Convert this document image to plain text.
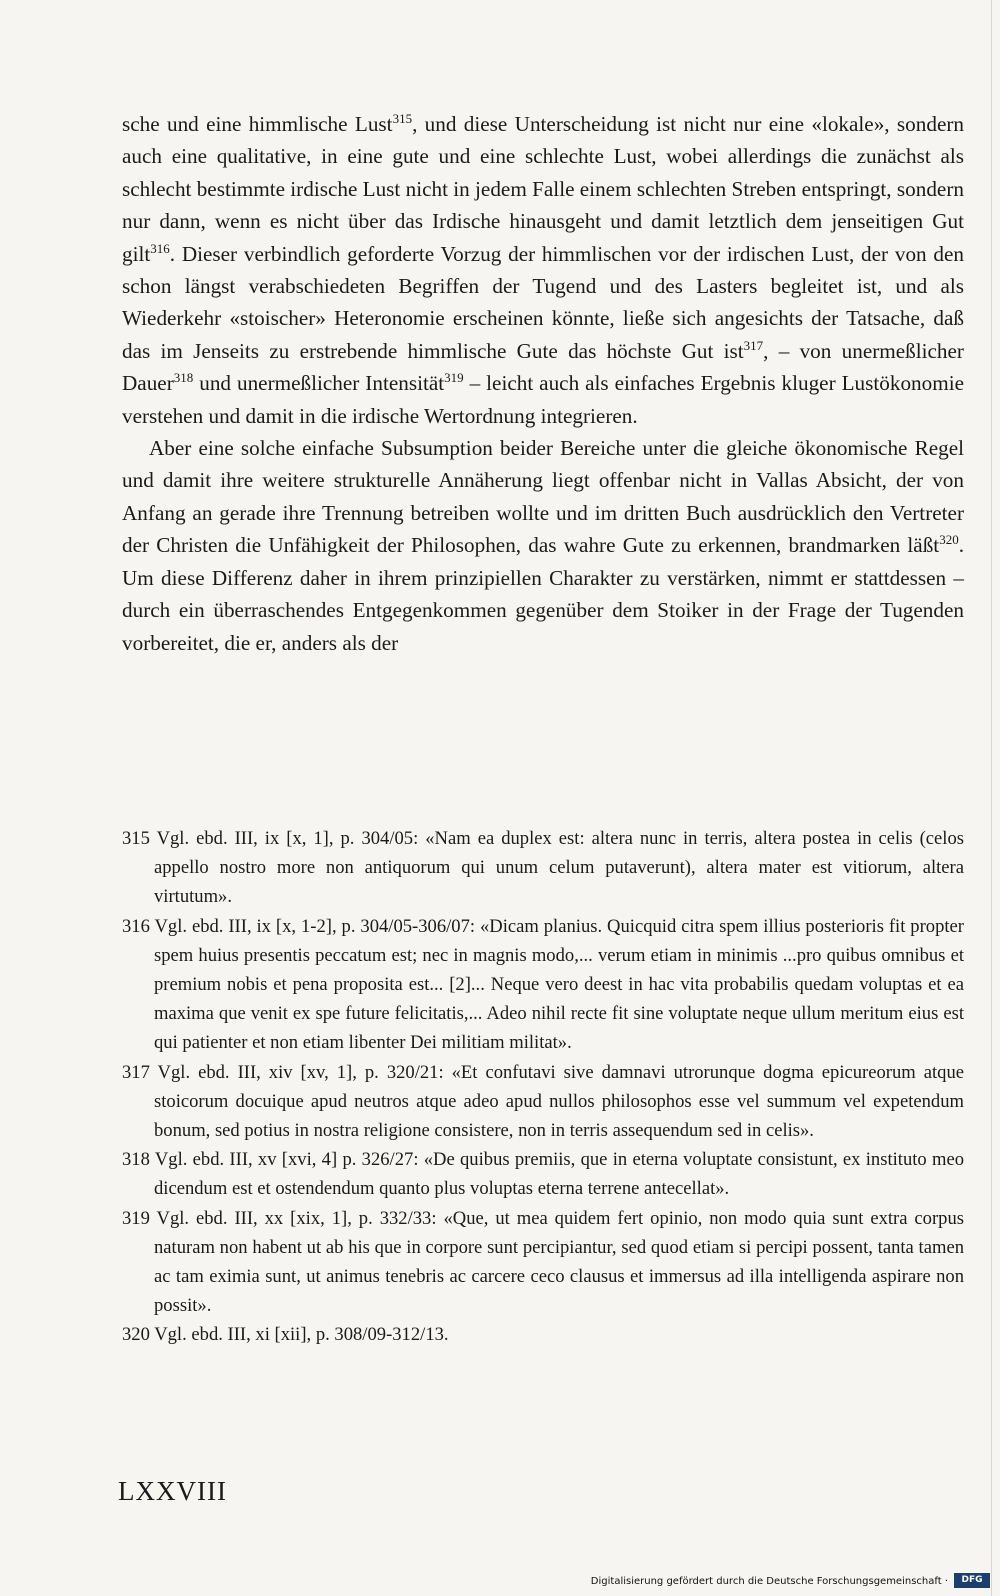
sche und eine himmlische Lust$^{315}$, und diese Unterscheidung ist nicht nur eine «lokale», sondern auch eine qualitative, in eine gute und eine schlechte Lust, wobei allerdings die zunächst als schlecht bestimmte irdische Lust nicht in jedem Falle einem schlechten Streben entspringt, sondern nur dann, wenn es nicht über das Irdische hinausgeht und damit letztlich dem jenseitigen Gut gilt$^{316}$. Dieser verbindlich geforderte Vorzug der himmlischen vor der irdischen Lust, der von den schon längst verabschiedeten Begriffen der Tugend und des Lasters begleitet ist, und als Wiederkehr «stoischer» Heteronomie erscheinen könnte, ließe sich angesichts der Tatsache, daß das im Jenseits zu erstrebende himmlische Gute das höchste Gut ist$^{317}$, – von unermeßlicher Dauer$^{318}$ und unermeßlicher Intensität$^{319}$ – leicht auch als einfaches Ergebnis kluger Lustökonomie verstehen und damit in die irdische Wertordnung integrieren.

Aber eine solche einfache Subsumption beider Bereiche unter die gleiche ökonomische Regel und damit ihre weitere strukturelle Annäherung liegt offenbar nicht in Vallas Absicht, der von Anfang an gerade ihre Trennung betreiben wollte und im dritten Buch ausdrücklich den Vertreter der Christen die Unfähigkeit der Philosophen, das wahre Gute zu erkennen, brandmarken läßt$^{320}$. Um diese Differenz daher in ihrem prinzipiellen Charakter zu verstärken, nimmt er stattdessen – durch ein überraschendes Entgegenkommen gegenüber dem Stoiker in der Frage der Tugenden vorbereitet, die er, anders als der

315 Vgl. ebd. III, ix [x, 1], p. 304/05: «Nam ea duplex est: altera nunc in terris, altera postea in celis (celos appello nostro more non antiquorum qui unum celum putaverunt), altera mater est vitiorum, altera virtutum».

316 Vgl. ebd. III, ix [x, 1-2], p. 304/05-306/07: «Dicam planius. Quicquid citra spem illius posterioris fit propter spem huius presentis peccatum est; nec in magnis modo,... verum etiam in minimis ...pro quibus omnibus et premium nobis et pena proposita est... [2]... Neque vero deest in hac vita probabilis quedam voluptas et ea maxima que venit ex spe future felicitatis,... Adeo nihil recte fit sine voluptate neque ullum meritum eius est qui patienter et non etiam libenter Dei militiam militat».

317 Vgl. ebd. III, xiv [xv, 1], p. 320/21: «Et confutavi sive damnavi utrorunque dogma epicureorum atque stoicorum docuique apud neutros atque adeo apud nullos philosophos esse vel summum vel expetendum bonum, sed potius in nostra religione consistere, non in terris assequendum sed in celis».

318 Vgl. ebd. III, xv [xvi, 4] p. 326/27: «De quibus premiis, que in eterna voluptate consistunt, ex instituto meo dicendum est et ostendendum quanto plus voluptas eterna terrene antecellat».

319 Vgl. ebd. III, xx [xix, 1], p. 332/33: «Que, ut mea quidem fert opinio, non modo quia sunt extra corpus naturam non habent ut ab his que in corpore sunt percipiantur, sed quod etiam si percipi possent, tanta tamen ac tam eximia sunt, ut animus tenebris ac carcere ceco clausus et immersus ad illa intelligenda aspirare non possit».

320 Vgl. ebd. III, xi [xii], p. 308/09-312/13.

LXXVIII
Digitalisierung gefördert durch die Deutsche Forschungsgemeinschaft ·	DFG
